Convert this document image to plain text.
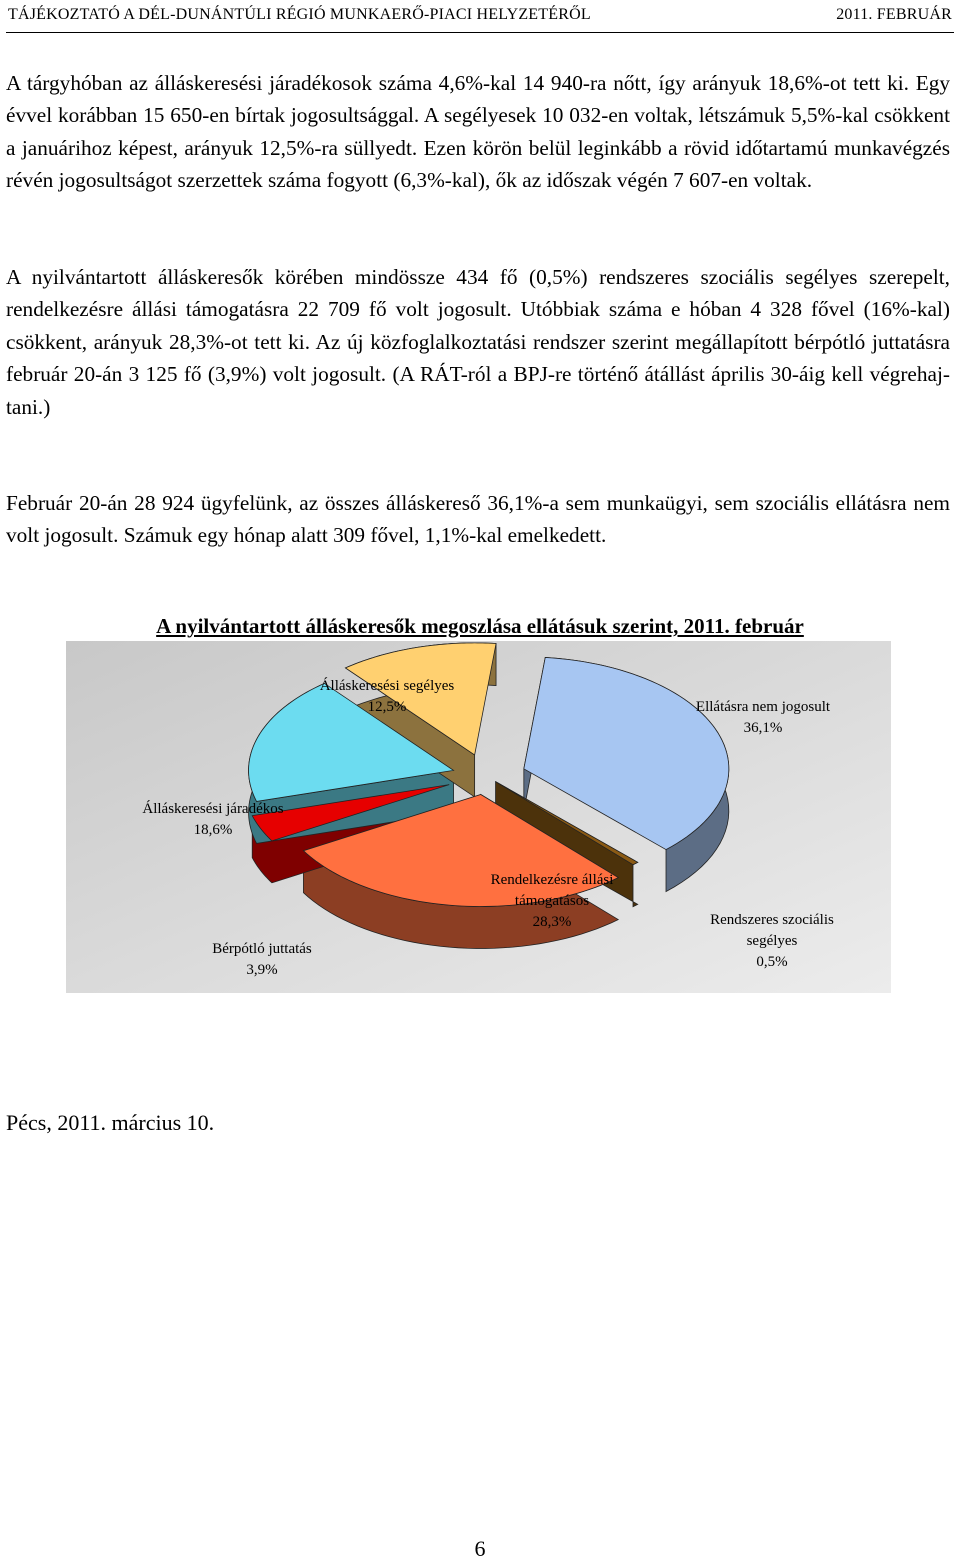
TÁJÉKOZTATÓ A DÉL-DUNÁNTÚLI RÉGIÓ MUNKAERŐ-PIACI HELYZETÉRŐL	2011. FEBRUÁR

A tárgyhóban az álláskeresési járadékosok száma 4,6%-kal 14 940-ra nőtt, így arányuk 18,6%-ot tett ki. Egy évvel korábban 15 650-en bírtak jogosultsággal. A segélyesek 10 032-en voltak, létszámuk 5,5%-kal csökkent a januárihoz képest, arányuk 12,5%-ra süllyedt. Ezen körön belül leginkább a rövid időtartamú munkavégzés révén jogosultságot szerzettek száma fogyott (6,3%-kal), ők az időszak végén 7 607-en voltak.

A nyilvántartott álláskeresők körében mindössze 434 fő (0,5%) rendszeres szociális segélyes szerepelt, rendelkezésre állási támogatásra 22 709 fő volt jogosult. Utóbbiak száma e hóban 4 328 fővel (16%-kal) csökkent, arányuk 28,3%-ot tett ki. Az új közfoglalkoztatási rendszer szerint megállapított bérpótló juttatásra február 20-án 3 125 fő (3,9%) volt jogosult. (A RÁT-ról a BPJ-re történő átállást április 30-áig kell végrehajtani.)

Február 20-án 28 924 ügyfelünk, az összes álláskereső 36,1%-a sem munkaügyi, sem szociális ellátásra nem volt jogosult. Számuk egy hónap alatt 309 fővel, 1,1%-kal emelkedett.

A nyilvántartott álláskeresők megoszlása ellátásuk szerint, 2011. február
Ellátásra nem jogosult 36,1%
Rendszeres szociális segélyes 0,5%
Rendelkezésre állási támogatásos 28,3%
Bérpótló juttatás 3,9%
Álláskeresési járadékos 18,6%
Álláskeresési segélyes 12,5%
Pécs, 2011. március 10.
6
